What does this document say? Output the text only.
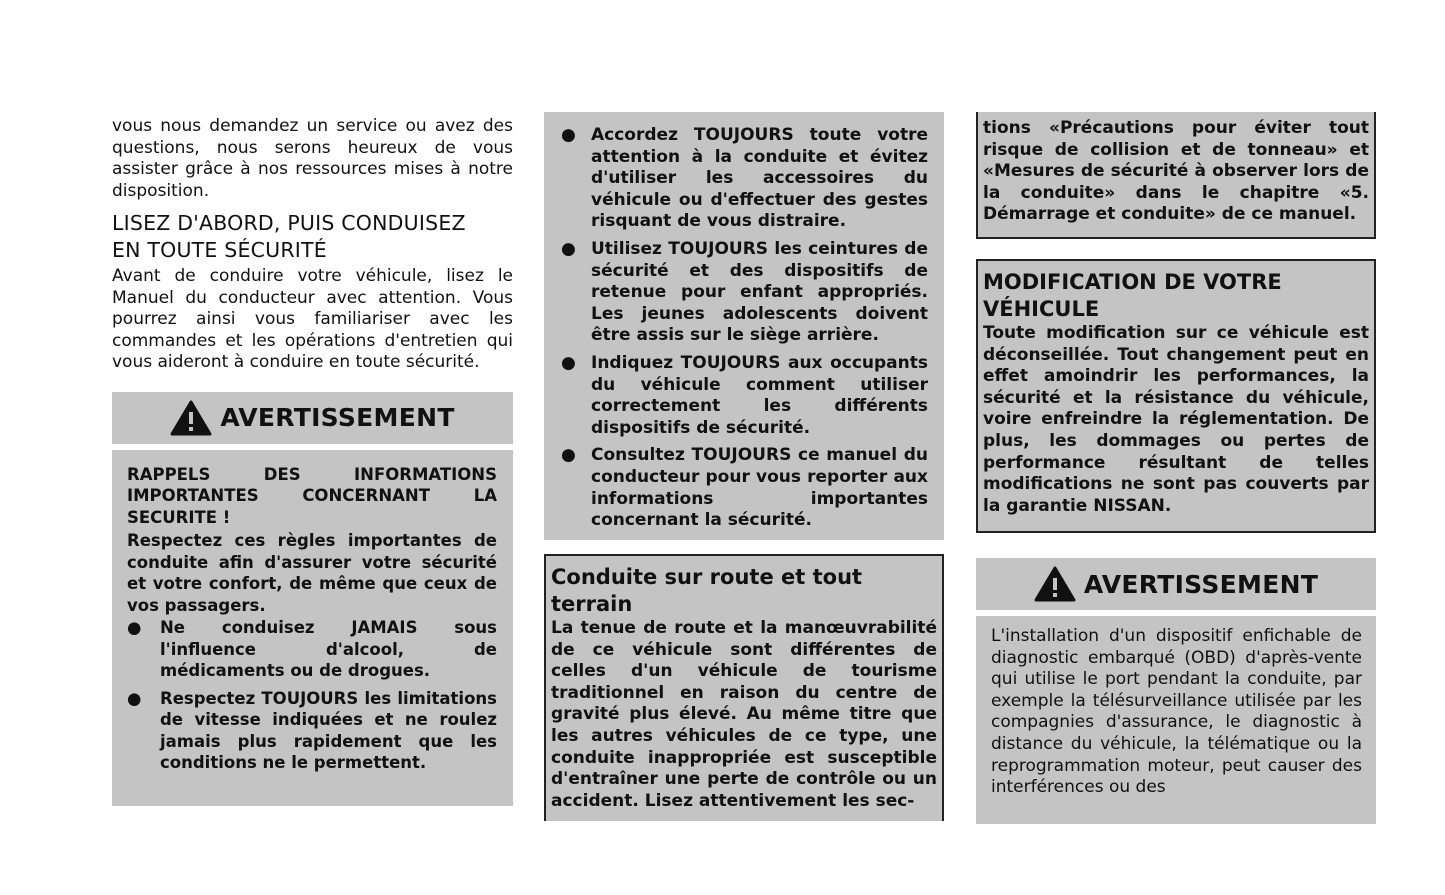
vous nous demandez un service ou avez des questions, nous serons heureux de vous assister grâce à nos ressources mises à notre disposition.

LISEZ D'ABORD, PUIS CONDUISEZ
EN TOUTE SÉCURITÉ

Avant de conduire votre véhicule, lisez le Manuel du conducteur avec attention. Vous pourrez ainsi vous familiariser avec les commandes et les opérations d'entretien qui vous aideront à conduire en toute sécurité.

AVERTISSEMENT

RAPPELS DES INFORMATIONS IMPORTANTES CONCERNANT LA SECURITE !

Respectez ces règles importantes de conduite afin d'assurer votre sécurité et votre confort, de même que ceux de vos passagers.

● Ne conduisez JAMAIS sous l'influence d'alcool, de médicaments ou de drogues.
● Respectez TOUJOURS les limitations de vitesse indiquées et ne roulez jamais plus rapidement que les conditions ne le permettent.
● Accordez TOUJOURS toute votre attention à la conduite et évitez d'utiliser les accessoires du véhicule ou d'effectuer des gestes risquant de vous distraire.
● Utilisez TOUJOURS les ceintures de sécurité et des dispositifs de retenue pour enfant appropriés. Les jeunes adolescents doivent être assis sur le siège arrière.
● Indiquez TOUJOURS aux occupants du véhicule comment utiliser correctement les différents dispositifs de sécurité.
● Consultez TOUJOURS ce manuel du conducteur pour vous reporter aux informations importantes concernant la sécurité.
Conduite sur route et tout terrain

La tenue de route et la manœuvrabilité de ce véhicule sont différentes de celles d'un véhicule de tourisme traditionnel en raison du centre de gravité plus élevé. Au même titre que les autres véhicules de ce type, une conduite inappropriée est susceptible d'entraîner une perte de contrôle ou un accident. Lisez attentivement les sec-

tions «Précautions pour éviter tout risque de collision et de tonneau» et «Mesures de sécurité à observer lors de la conduite» dans le chapitre «5. Démarrage et conduite» de ce manuel.

MODIFICATION DE VOTRE VÉHICULE

Toute modification sur ce véhicule est déconseillée. Tout changement peut en effet amoindrir les performances, la sécurité et la résistance du véhicule, voire enfreindre la réglementation. De plus, les dommages ou pertes de performance résultant de telles modifications ne sont pas couverts par la garantie NISSAN.

AVERTISSEMENT

L'installation d'un dispositif enfichable de diagnostic embarqué (OBD) d'après-vente qui utilise le port pendant la conduite, par exemple la télésurveillance utilisée par les compagnies d'assurance, le diagnostic à distance du véhicule, la télématique ou la reprogrammation moteur, peut causer des interférences ou des
